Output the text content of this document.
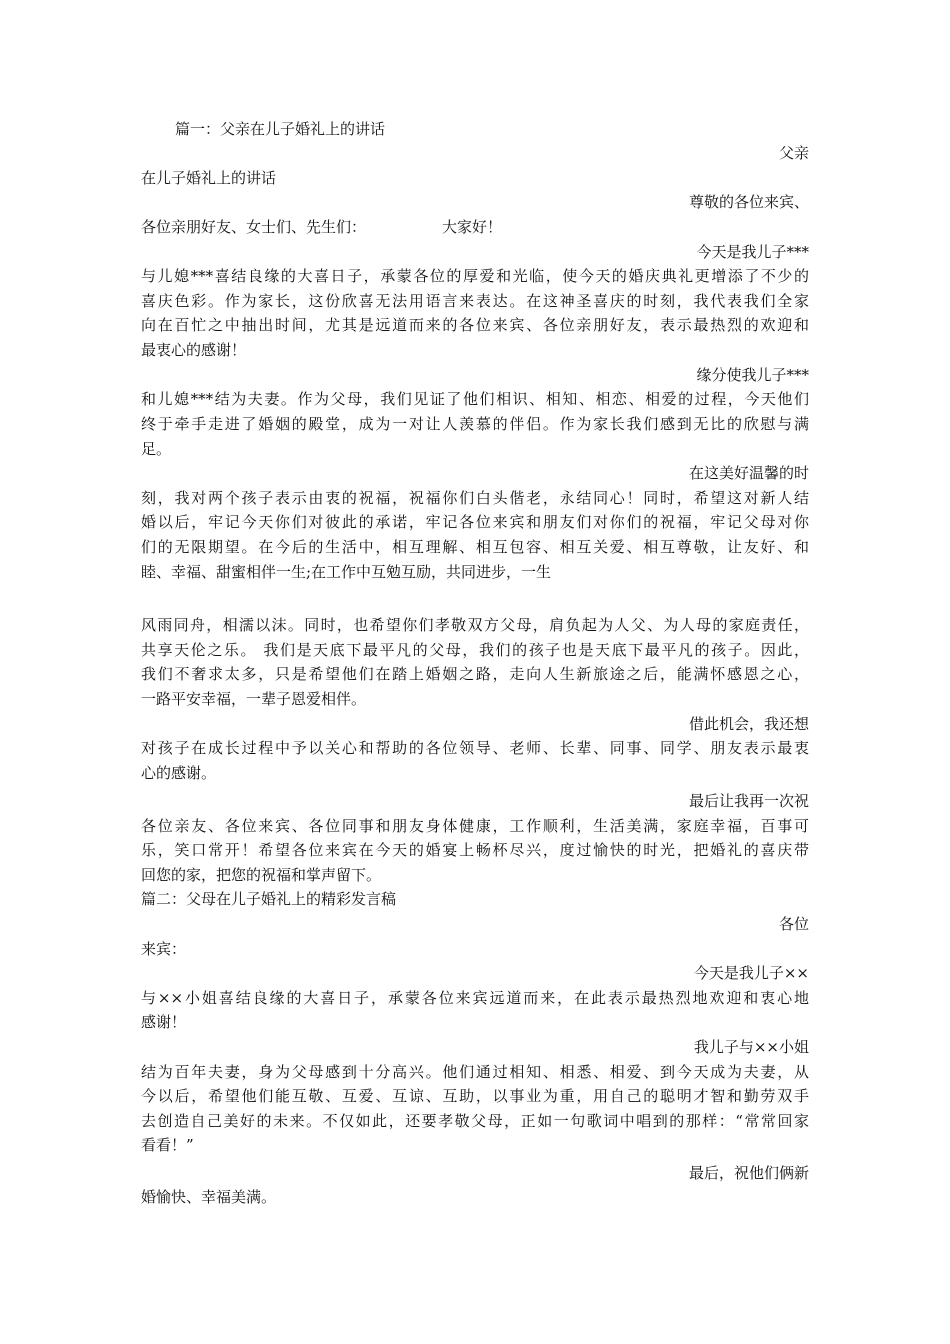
篇一：父亲在儿子婚礼上的讲话
父亲
在儿子婚礼上的讲话
尊敬的各位来宾、
各位亲朋好友、女士们、先生们：	大家好！
今天是我儿子***
与儿媳***喜结良缘的大喜日子，承蒙各位的厚爱和光临，使今天的婚庆典礼更增添了不少的
喜庆色彩。作为家长，这份欣喜无法用语言来表达。在这神圣喜庆的时刻，我代表我们全家
向在百忙之中抽出时间，尤其是远道而来的各位来宾、各位亲朋好友，表示最热烈的欢迎和
最衷心的感谢！
缘分使我儿子***
和儿媳***结为夫妻。作为父母，我们见证了他们相识、相知、相恋、相爱的过程，今天他们
终于牵手走进了婚姻的殿堂，成为一对让人羡慕的伴侣。作为家长我们感到无比的欣慰与满
足。
在这美好温馨的时
刻，我对两个孩子表示由衷的祝福，祝福你们白头偕老，永结同心！同时，希望这对新人结
婚以后，牢记今天你们对彼此的承诺，牢记各位来宾和朋友们对你们的祝福，牢记父母对你
们的无限期望。在今后的生活中，相互理解、相互包容、相互关爱、相互尊敬，让友好、和
睦、幸福、甜蜜相伴一生;在工作中互勉互励，共同进步，一生
风雨同舟，相濡以沫。同时，也希望你们孝敬双方父母，肩负起为人父、为人母的家庭责任，
共享天伦之乐。 我们是天底下最平凡的父母，我们的孩子也是天底下最平凡的孩子。因此，
我们不奢求太多，只是希望他们在踏上婚姻之路，走向人生新旅途之后，能满怀感恩之心，
一路平安幸福，一辈子恩爱相伴。
借此机会，我还想
对孩子在成长过程中予以关心和帮助的各位领导、老师、长辈、同事、同学、朋友表示最衷
心的感谢。
最后让我再一次祝
各位亲友、各位来宾、各位同事和朋友身体健康，工作顺利，生活美满，家庭幸福，百事可
乐，笑口常开！希望各位来宾在今天的婚宴上畅杯尽兴，度过愉快的时光，把婚礼的喜庆带
回您的家，把您的祝福和掌声留下。
篇二：父母在儿子婚礼上的精彩发言稿
各位
来宾：
今天是我儿子××
与××小姐喜结良缘的大喜日子，承蒙各位来宾远道而来，在此表示最热烈地欢迎和衷心地
感谢！
我儿子与××小姐
结为百年夫妻，身为父母感到十分高兴。他们通过相知、相悉、相爱、到今天成为夫妻，从
今以后，希望他们能互敬、互爱、互谅、互助，以事业为重，用自己的聪明才智和勤劳双手
去创造自己美好的未来。不仅如此，还要孝敬父母，正如一句歌词中唱到的那样：“常常回家
看看！”
最后，祝他们俩新
婚愉快、幸福美满。
